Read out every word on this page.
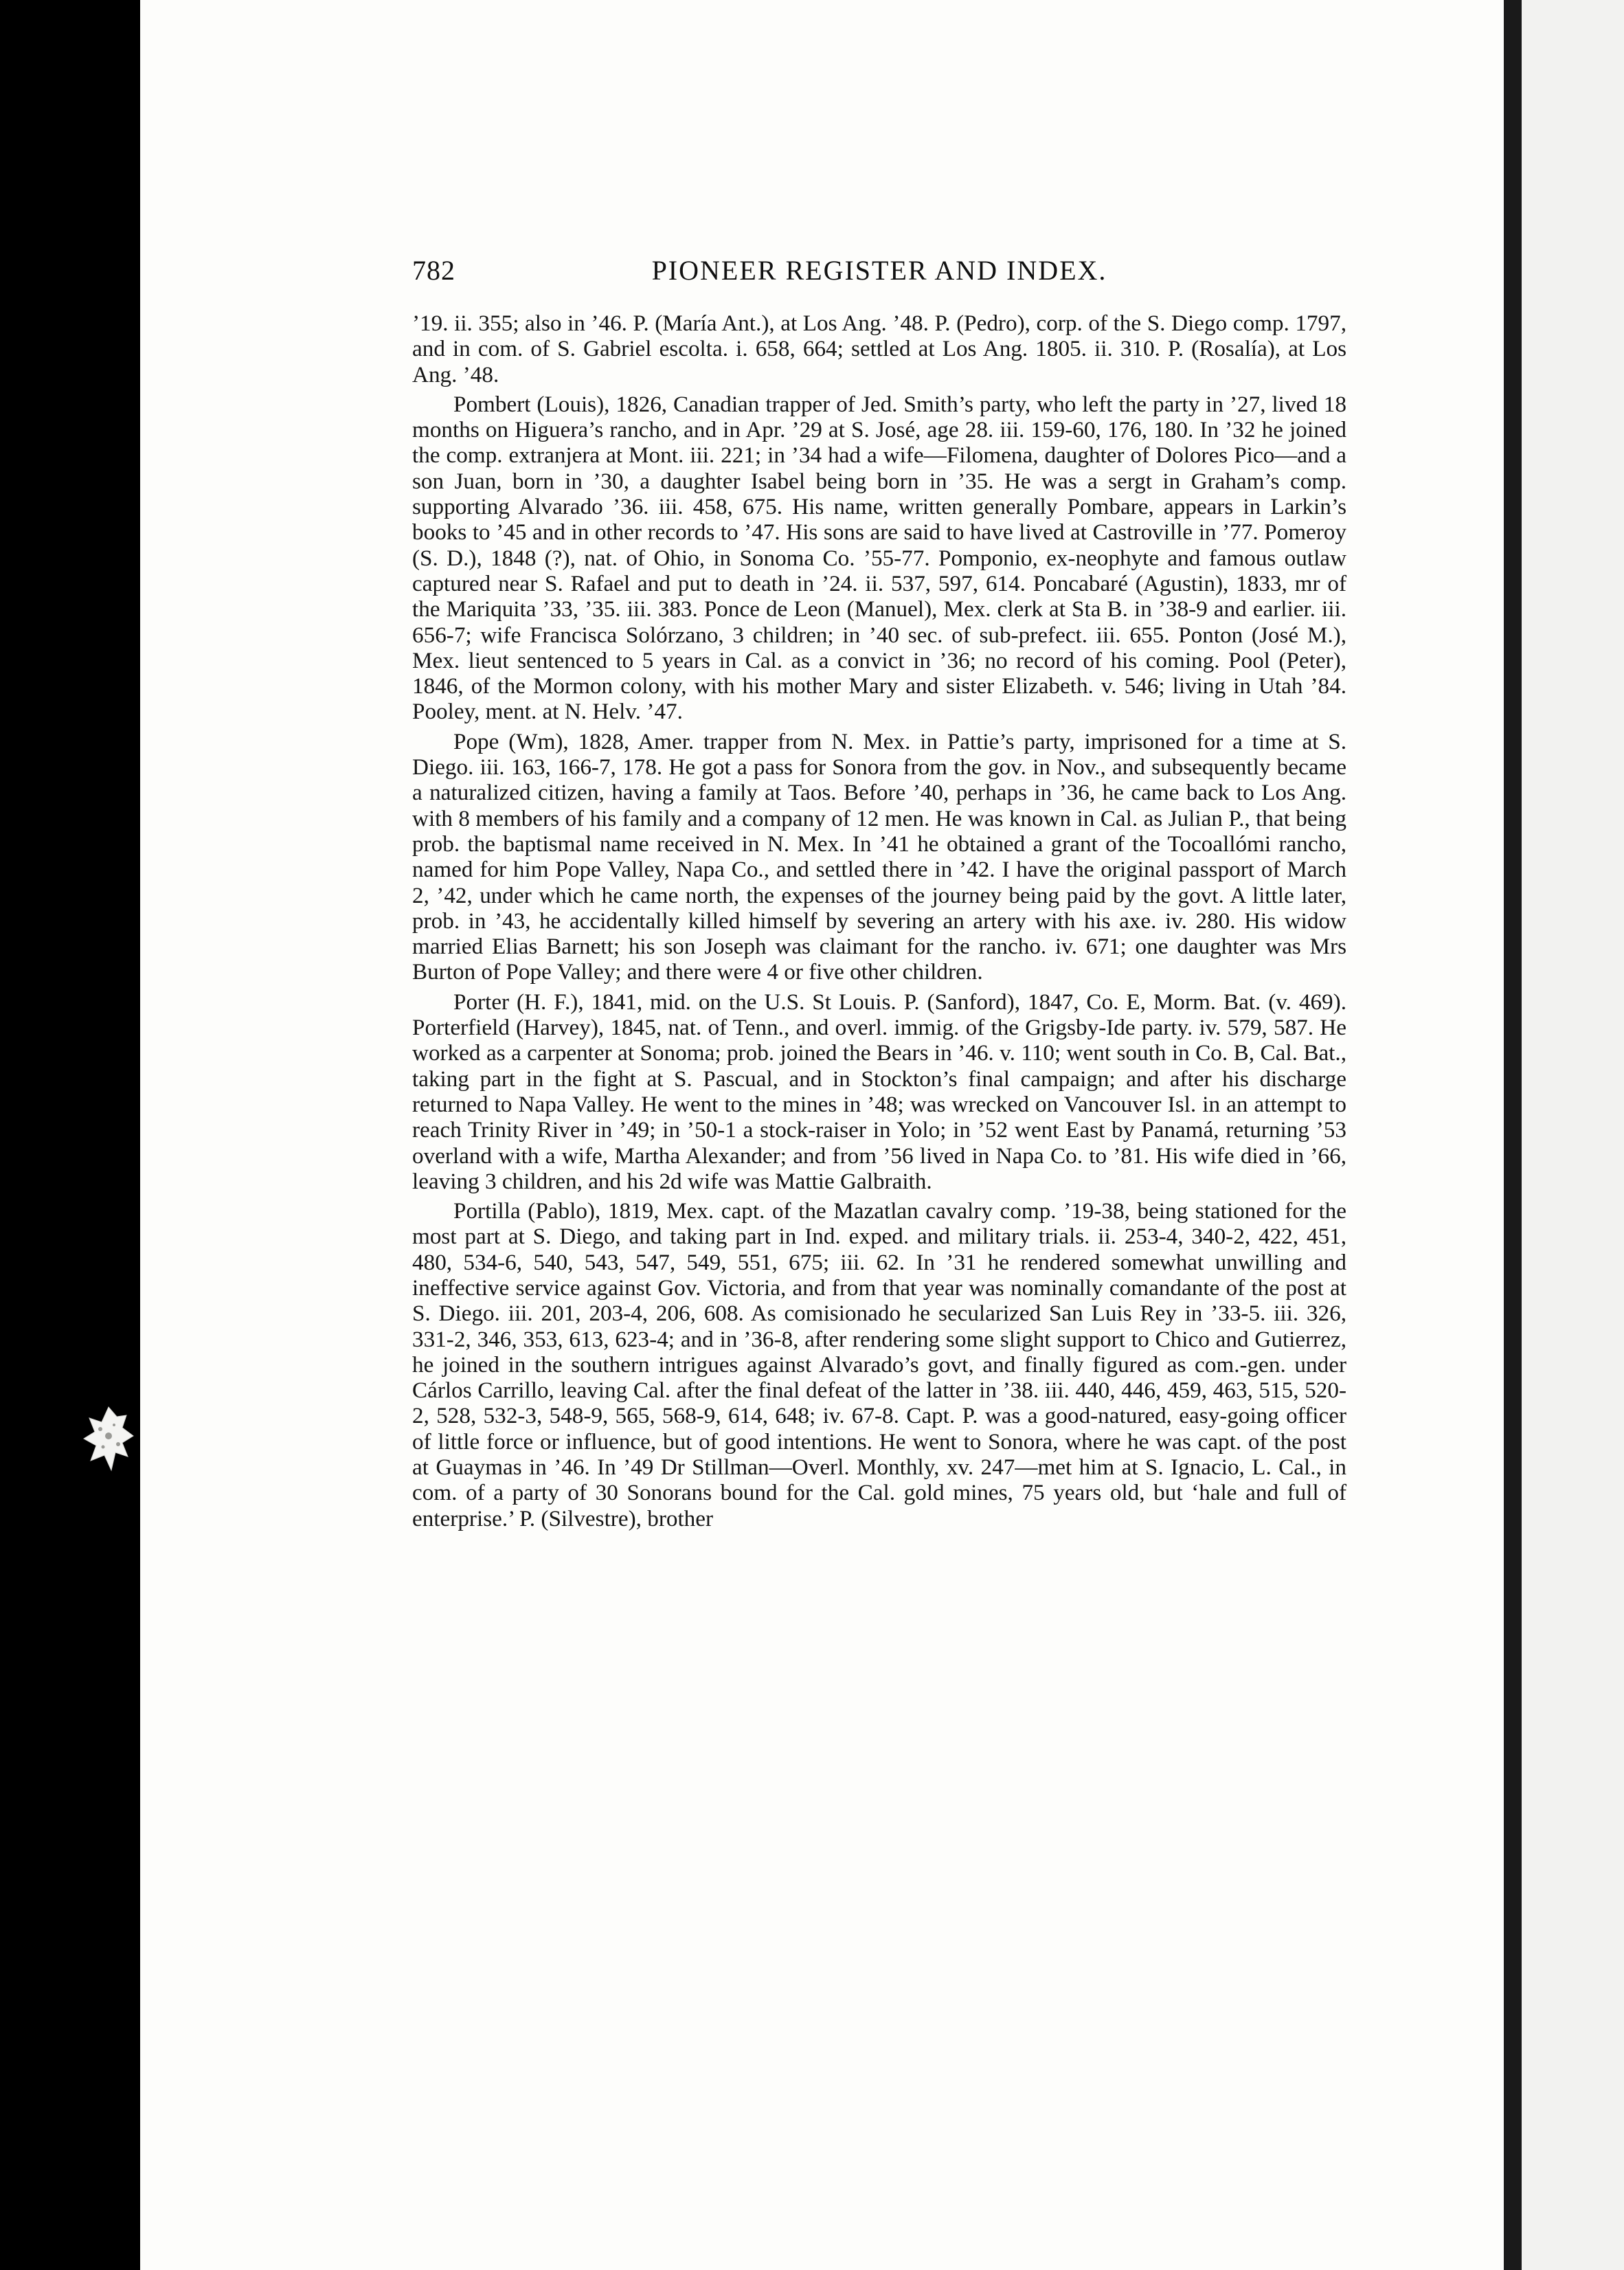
PIONEER REGISTER AND INDEX.
782

’19. ii. 355; also in ’46. P. (María Ant.), at Los Ang. ’48. P. (Pedro), corp. of the S. Diego comp. 1797, and in com. of S. Gabriel escolta. i. 658, 664; settled at Los Ang. 1805. ii. 310. P. (Rosalía), at Los Ang. ’48.

Pombert (Louis), 1826, Canadian trapper of Jed. Smith’s party, who left the party in ’27, lived 18 months on Higuera’s rancho, and in Apr. ’29 at S. José, age 28. iii. 159-60, 176, 180. In ’32 he joined the comp. extranjera at Mont. iii. 221; in ’34 had a wife—Filomena, daughter of Dolores Pico—and a son Juan, born in ’30, a daughter Isabel being born in ’35. He was a sergt in Graham’s comp. supporting Alvarado ’36. iii. 458, 675. His name, written generally Pombare, appears in Larkin’s books to ’45 and in other records to ’47. His sons are said to have lived at Castroville in ’77. Pomeroy (S. D.), 1848 (?), nat. of Ohio, in Sonoma Co. ’55-77. Pomponio, ex-neophyte and famous outlaw captured near S. Rafael and put to death in ’24. ii. 537, 597, 614. Poncabaré (Agustin), 1833, mr of the Mariquita ’33, ’35. iii. 383. Ponce de Leon (Manuel), Mex. clerk at Sta B. in ’38-9 and earlier. iii. 656-7; wife Francisca Solórzano, 3 children; in ’40 sec. of sub-prefect. iii. 655. Ponton (José M.), Mex. lieut sentenced to 5 years in Cal. as a convict in ’36; no record of his coming. Pool (Peter), 1846, of the Mormon colony, with his mother Mary and sister Elizabeth. v. 546; living in Utah ’84. Pooley, ment. at N. Helv. ’47.

Pope (Wm), 1828, Amer. trapper from N. Mex. in Pattie’s party, imprisoned for a time at S. Diego. iii. 163, 166-7, 178. He got a pass for Sonora from the gov. in Nov., and subsequently became a naturalized citizen, having a family at Taos. Before ’40, perhaps in ’36, he came back to Los Ang. with 8 members of his family and a company of 12 men. He was known in Cal. as Julian P., that being prob. the baptismal name received in N. Mex. In ’41 he obtained a grant of the Tocoallómi rancho, named for him Pope Valley, Napa Co., and settled there in ’42. I have the original passport of March 2, ’42, under which he came north, the expenses of the journey being paid by the govt. A little later, prob. in ’43, he accidentally killed himself by severing an artery with his axe. iv. 280. His widow married Elias Barnett; his son Joseph was claimant for the rancho. iv. 671; one daughter was Mrs Burton of Pope Valley; and there were 4 or five other children.

Porter (H. F.), 1841, mid. on the U.S. St Louis. P. (Sanford), 1847, Co. E, Morm. Bat. (v. 469). Porterfield (Harvey), 1845, nat. of Tenn., and overl. immig. of the Grigsby-Ide party. iv. 579, 587. He worked as a carpenter at Sonoma; prob. joined the Bears in ’46. v. 110; went south in Co. B, Cal. Bat., taking part in the fight at S. Pascual, and in Stockton’s final campaign; and after his discharge returned to Napa Valley. He went to the mines in ’48; was wrecked on Vancouver Isl. in an attempt to reach Trinity River in ’49; in ’50-1 a stock-raiser in Yolo; in ’52 went East by Panamá, returning ’53 overland with a wife, Martha Alexander; and from ’56 lived in Napa Co. to ’81. His wife died in ’66, leaving 3 children, and his 2d wife was Mattie Galbraith.

Portilla (Pablo), 1819, Mex. capt. of the Mazatlan cavalry comp. ’19-38, being stationed for the most part at S. Diego, and taking part in Ind. exped. and military trials. ii. 253-4, 340-2, 422, 451, 480, 534-6, 540, 543, 547, 549, 551, 675; iii. 62. In ’31 he rendered somewhat unwilling and ineffective service against Gov. Victoria, and from that year was nominally comandante of the post at S. Diego. iii. 201, 203-4, 206, 608. As comisionado he secularized San Luis Rey in ’33-5. iii. 326, 331-2, 346, 353, 613, 623-4; and in ’36-8, after rendering some slight support to Chico and Gutierrez, he joined in the southern intrigues against Alvarado’s govt, and finally figured as com.-gen. under Cárlos Carrillo, leaving Cal. after the final defeat of the latter in ’38. iii. 440, 446, 459, 463, 515, 520-2, 528, 532-3, 548-9, 565, 568-9, 614, 648; iv. 67-8. Capt. P. was a good-natured, easy-going officer of little force or influence, but of good intentions. He went to Sonora, where he was capt. of the post at Guaymas in ’46. In ’49 Dr Stillman—Overl. Monthly, xv. 247—met him at S. Ignacio, L. Cal., in com. of a party of 30 Sonorans bound for the Cal. gold mines, 75 years old, but ‘hale and full of enterprise.’ P. (Silvestre), brother
